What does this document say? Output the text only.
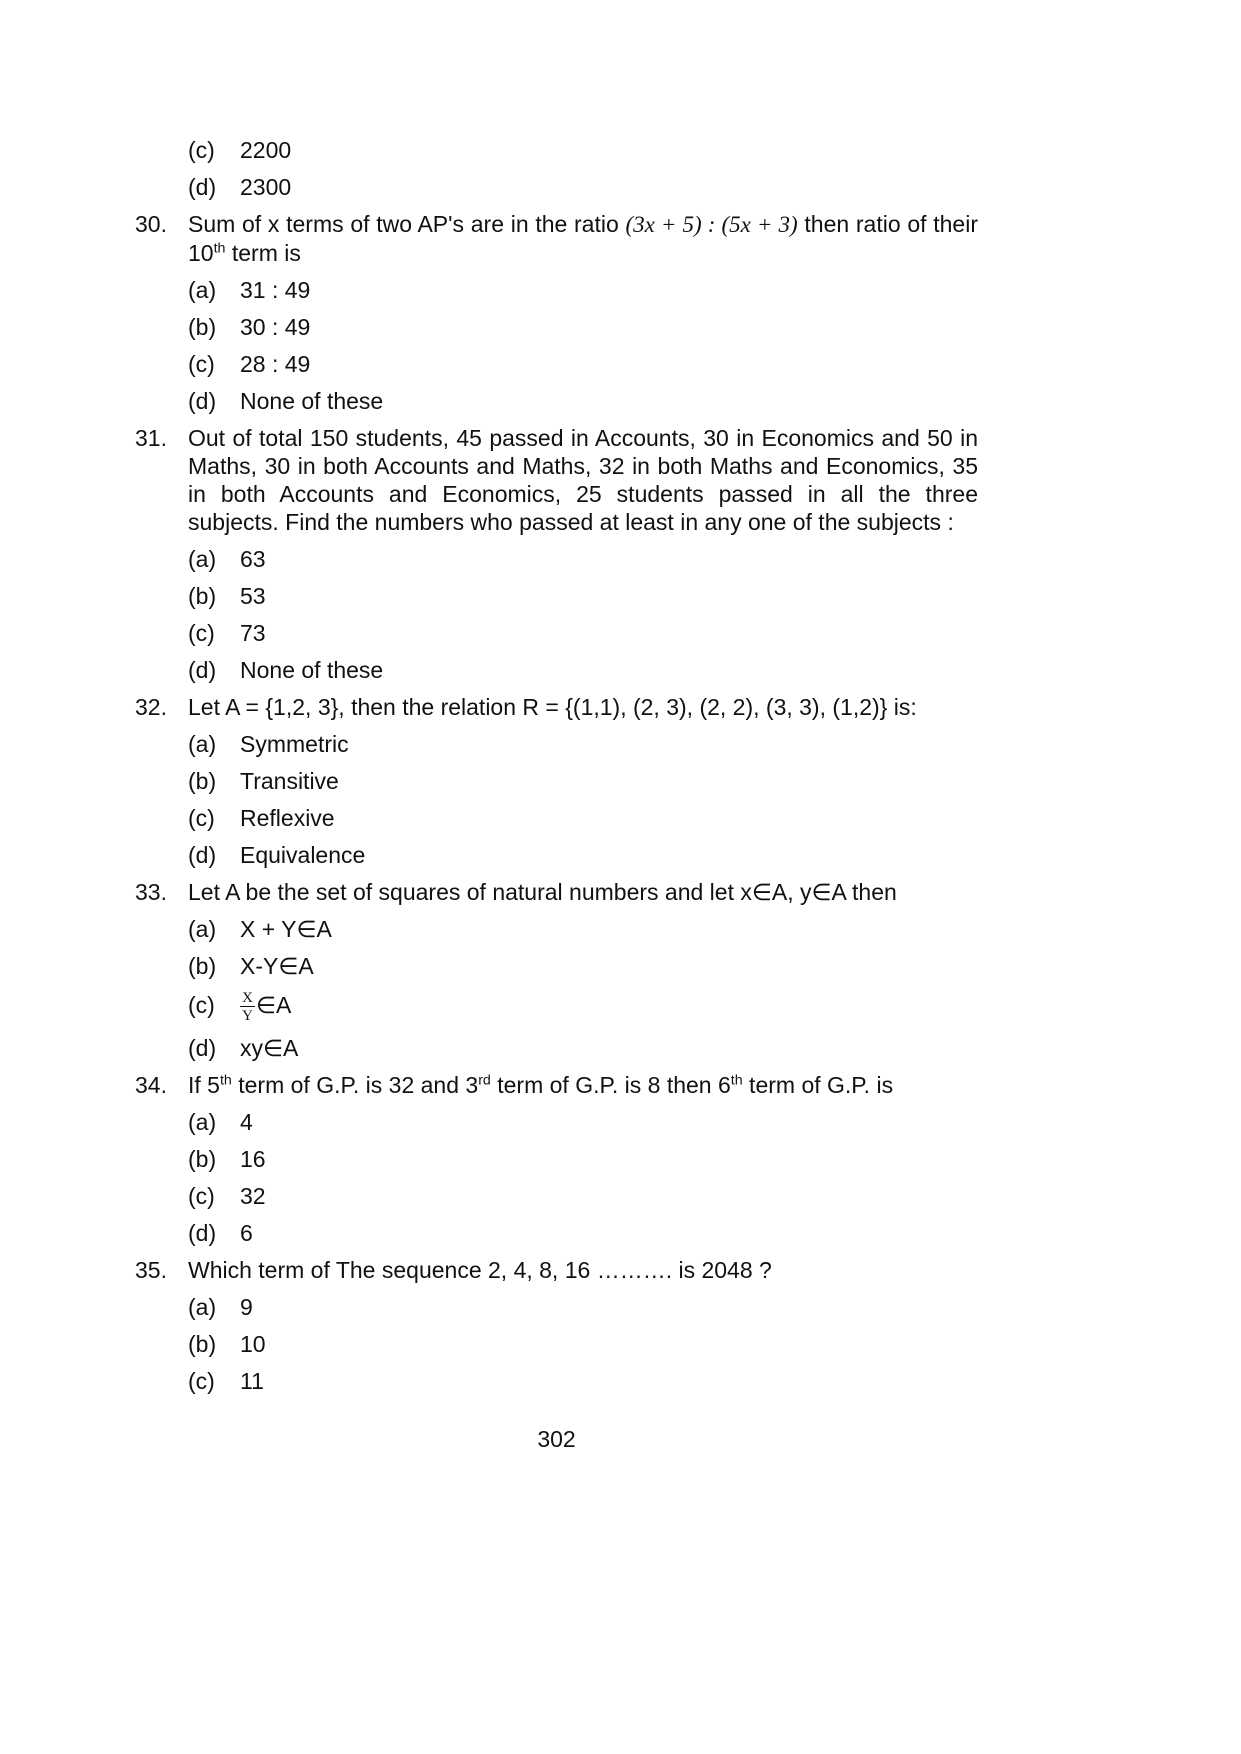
(c)	2200
(d)	2300
30. Sum of x terms of two AP's are in the ratio (3x + 5) : (5x + 3) then ratio of their 10th term is
(a)	31 : 49
(b)	30 : 49
(c)	28 : 49
(d)	None of these
31. Out of total 150 students, 45 passed in Accounts, 30 in Economics and 50 in Maths, 30 in both Accounts and Maths, 32 in both Maths and Economics, 35 in both Accounts and Economics, 25 students passed in all the three subjects. Find the numbers who passed at least in any one of the subjects :
(a)	63
(b)	53
(c)	73
(d)	None of these
32. Let A = {1,2, 3}, then the relation R = {(1,1), (2, 3), (2, 2), (3, 3), (1,2)} is:
(a)	Symmetric
(b)	Transitive
(c)	Reflexive
(d)	Equivalence
33. Let A be the set of squares of natural numbers and let x∈A, y∈A then
(a)	X + Y∈A
(b)	X-Y∈A
(c)	$\frac{X}{Y}$ ∈A
(d)	xy∈A
34. If 5th term of G.P. is 32 and 3rd term of G.P. is 8 then 6th term of G.P. is
(a)	4
(b)	16
(c)	32
(d)	6
35. Which term of The sequence 2, 4, 8, 16 ………. is 2048 ?
(a)	9
(b)	10
(c)	11
302
